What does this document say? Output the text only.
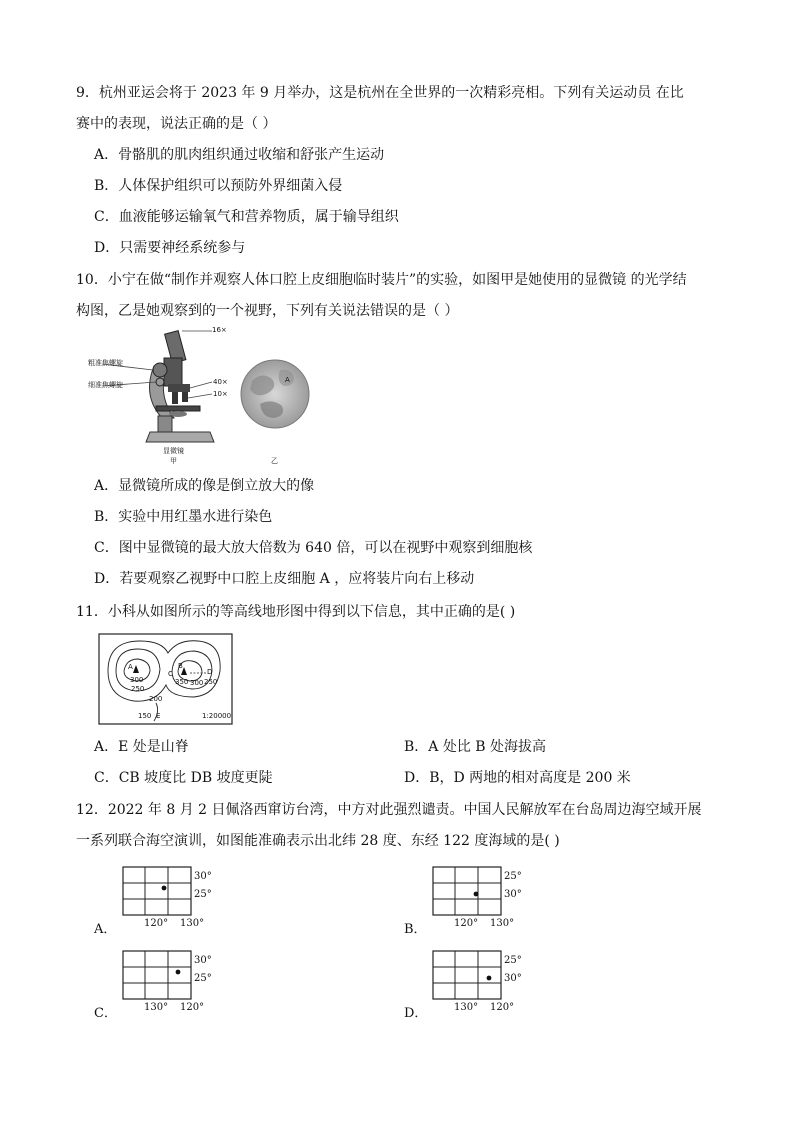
9．杭州亚运会将于 2023 年 9 月举办，这是杭州在全世界的一次精彩亮相。下列有关运动员 在比
赛中的表现，说法正确的是（ ）
A．骨骼肌的肌肉组织通过收缩和舒张产生运动
B．人体保护组织可以预防外界细菌入侵
C．血液能够运输氧气和营养物质，属于输导组织
D．只需要神经系统参与
10．小宁在做“制作并观察人体口腔上皮细胞临时装片”的实验，如图甲是她使用的显微镜 的光学结
构图，乙是她观察到的一个视野，下列有关说法错误的是（ ）
16×
粗准焦螺旋
细准焦螺旋	40×
10×
A
显微镜
甲	乙
A．显微镜所成的像是倒立放大的像
B．实验中用红墨水进行染色
C．图中显微镜的最大放大倍数为 640 倍，可以在视野中观察到细胞核
D．若要观察乙视野中口腔上皮细胞 A ，应将装片向右上移动
11．小科从如图所示的等高线地形图中得到以下信息，其中正确的是( )
A	B
C	D
E
300
250
350 300 250
200
150	1:20000
A．E 处是山脊	B．A 处比 B 处海拔高
C．CB 坡度比 DB 坡度更陡	D．B，D 两地的相对高度是 200 米
12．2022 年 8 月 2 日佩洛西窜访台湾，中方对此强烈谴责。中国人民解放军在台岛周边海空域开展
一系列联合海空演训，如图能准确表示出北纬 28 度、东经 122 度海域的是( )
30°
25°
120° 130°
A．
25°
30°
120° 130°
B．
30°
25°
130° 120°
C．
25°
30°
130° 120°
D．
